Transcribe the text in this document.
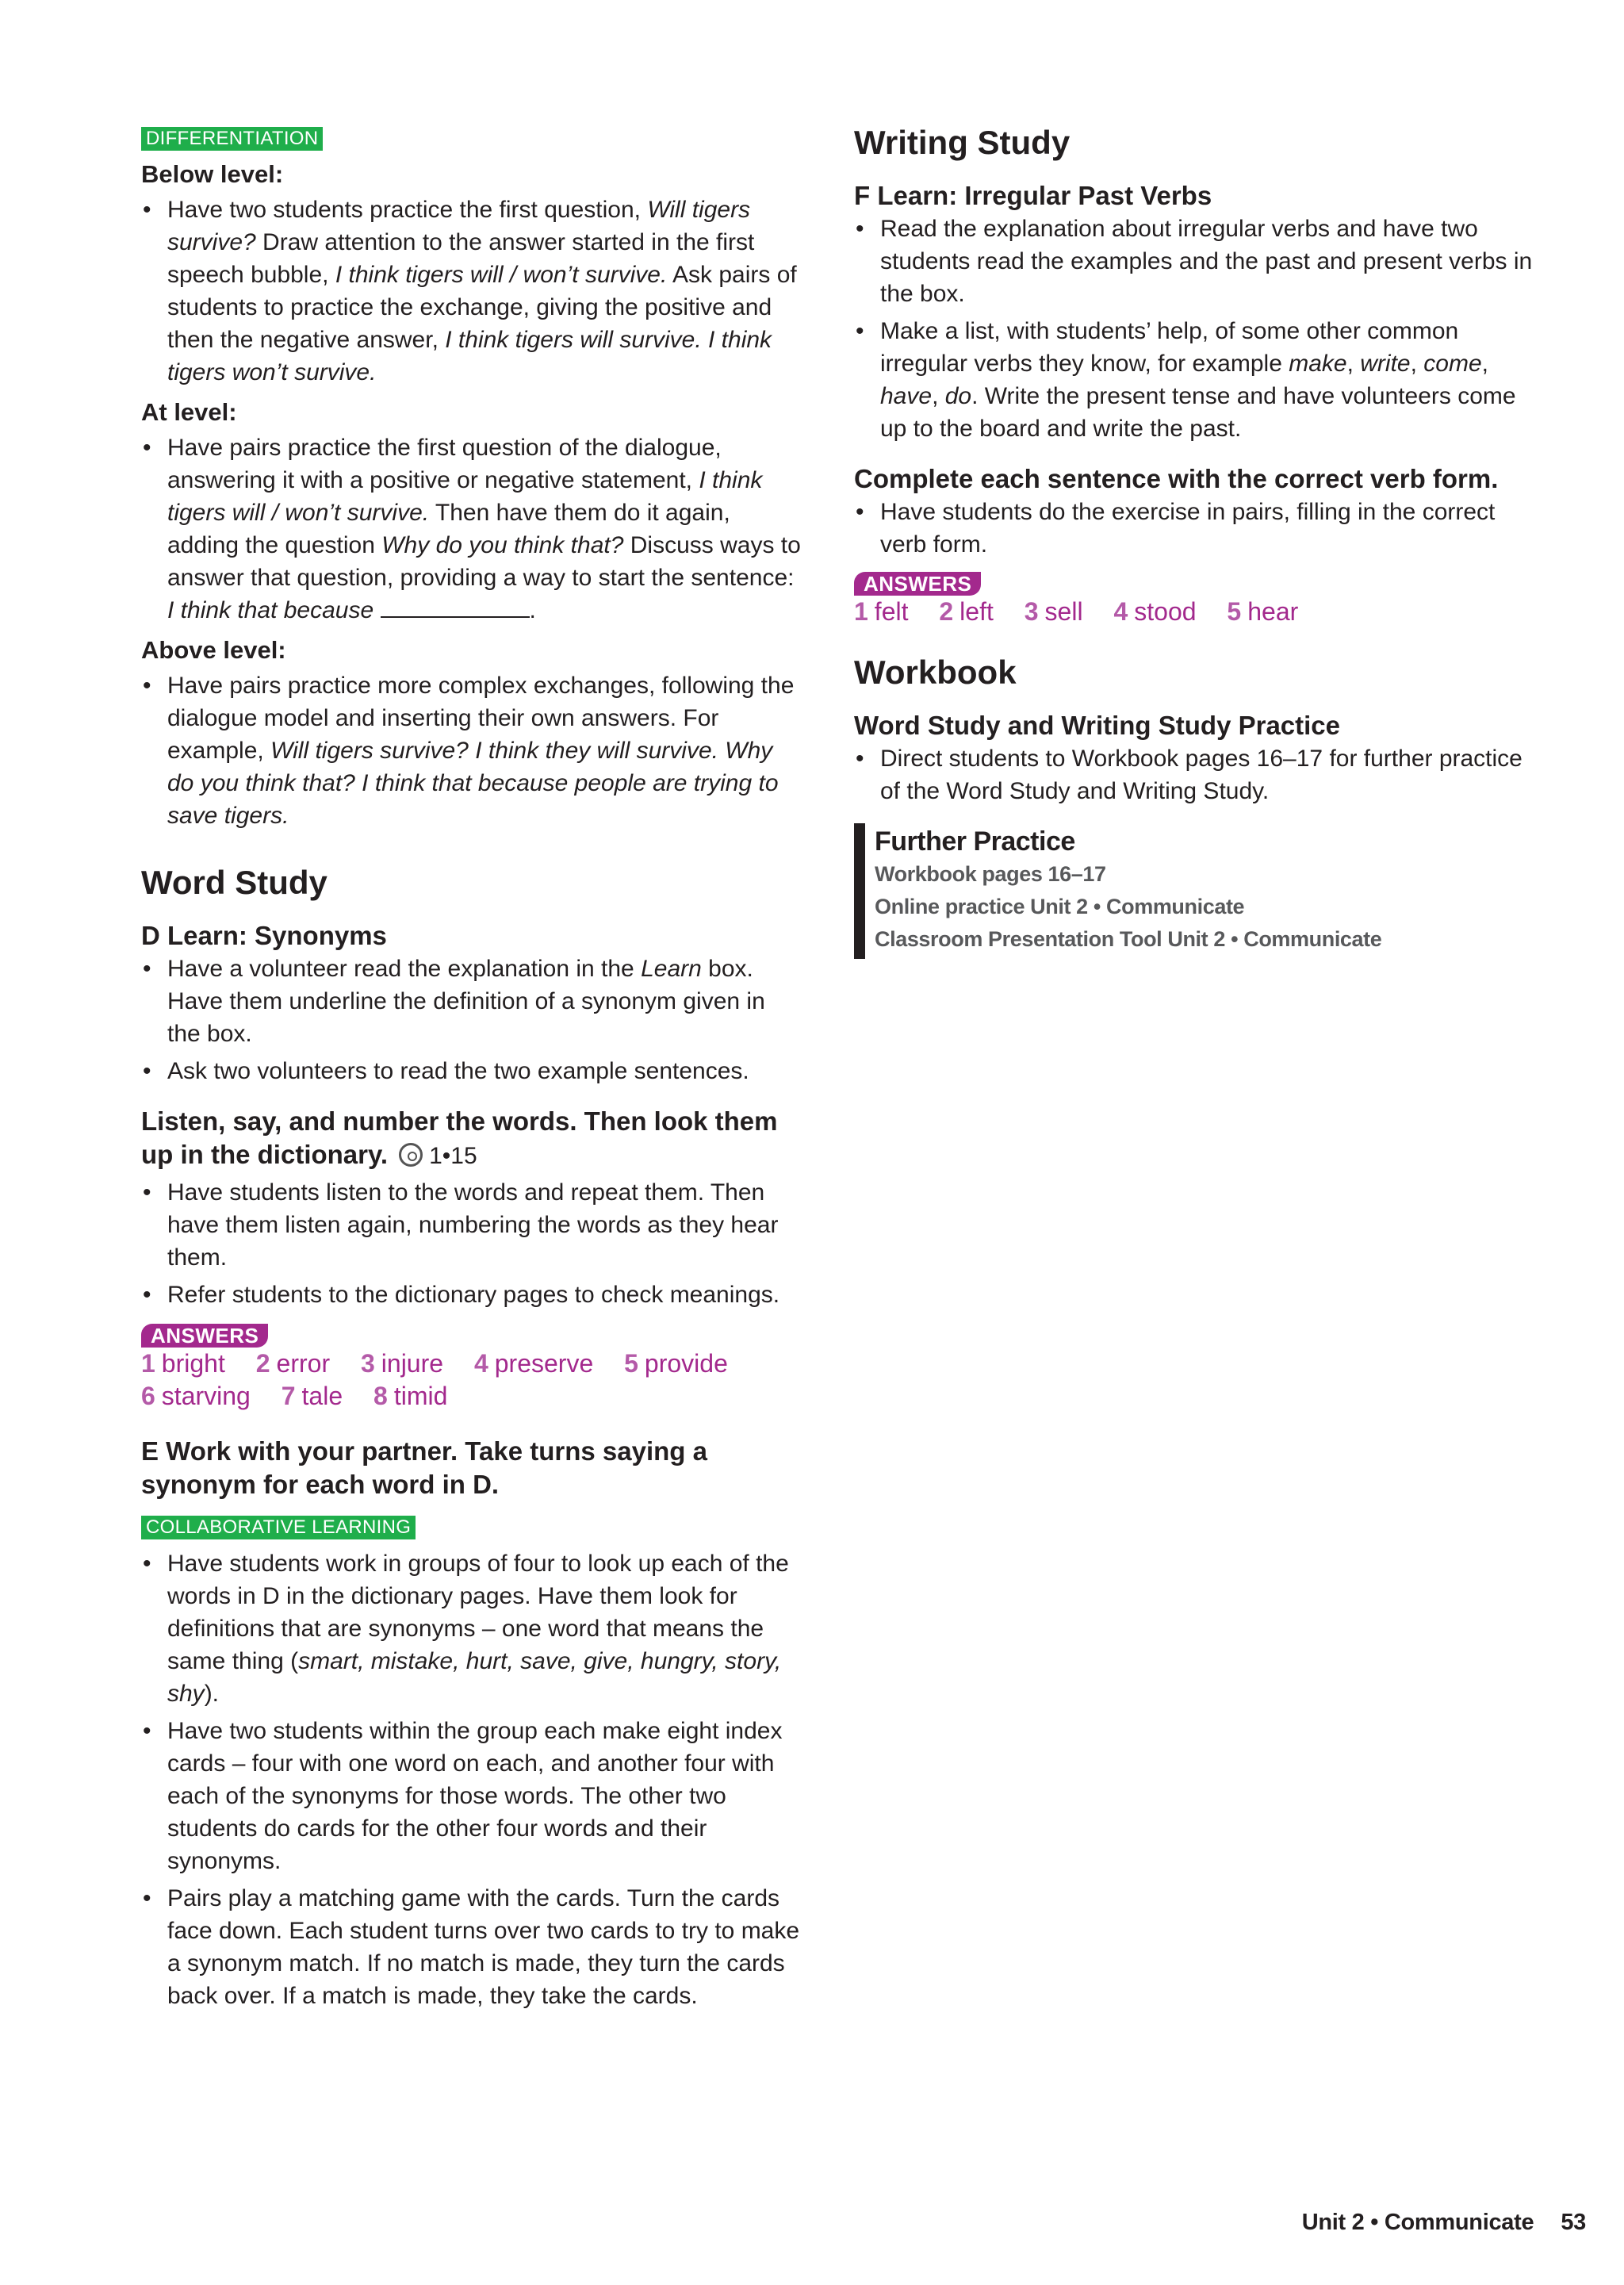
DIFFERENTIATION
Below level:
• Have two students practice the first question, Will tigers survive? Draw attention to the answer started in the first speech bubble, I think tigers will / won’t survive. Ask pairs of students to practice the exchange, giving the positive and then the negative answer, I think tigers will survive. I think tigers won’t survive.
At level:
• Have pairs practice the first question of the dialogue, answering it with a positive or negative statement, I think tigers will / won’t survive. Then have them do it again, adding the question Why do you think that? Discuss ways to answer that question, providing a way to start the sentence: I think that because	.
Above level:
• Have pairs practice more complex exchanges, following the dialogue model and inserting their own answers. For example, Will tigers survive? I think they will survive. Why do you think that? I think that because people are trying to save tigers.
Word Study
D Learn: Synonyms
• Have a volunteer read the explanation in the Learn box. Have them underline the definition of a synonym given in the box.
• Ask two volunteers to read the two example sentences.
Listen, say, and number the words. Then look them up in the dictionary. 1•15
• Have students listen to the words and repeat them. Then have them listen again, numbering the words as they hear them.
• Refer students to the dictionary pages to check meanings.
ANSWERS
1 bright 2 error 3 injure 4 preserve 5 provide
6 starving 7 tale 8 timid
E Work with your partner. Take turns saying a synonym for each word in D.
COLLABORATIVE LEARNING
• Have students work in groups of four to look up each of the words in D in the dictionary pages. Have them look for definitions that are synonyms – one word that means the same thing (smart, mistake, hurt, save, give, hungry, story, shy).
• Have two students within the group each make eight index cards – four with one word on each, and another four with each of the synonyms for those words. The other two students do cards for the other four words and their synonyms.
• Pairs play a matching game with the cards. Turn the cards face down. Each student turns over two cards to try to make a synonym match. If no match is made, they turn the cards back over. If a match is made, they take the cards.
Writing Study
F Learn: Irregular Past Verbs
• Read the explanation about irregular verbs and have two students read the examples and the past and present verbs in the box.
• Make a list, with students’ help, of some other common irregular verbs they know, for example make, write, come, have, do. Write the present tense and have volunteers come up to the board and write the past.
Complete each sentence with the correct verb form.
• Have students do the exercise in pairs, filling in the correct verb form.
ANSWERS
1 felt 2 left 3 sell 4 stood 5 hear
Workbook
Word Study and Writing Study Practice
• Direct students to Workbook pages 16–17 for further practice of the Word Study and Writing Study.
Further Practice
Workbook pages 16–17
Online practice Unit 2 • Communicate
Classroom Presentation Tool Unit 2 • Communicate
Unit 2 • Communicate 53
